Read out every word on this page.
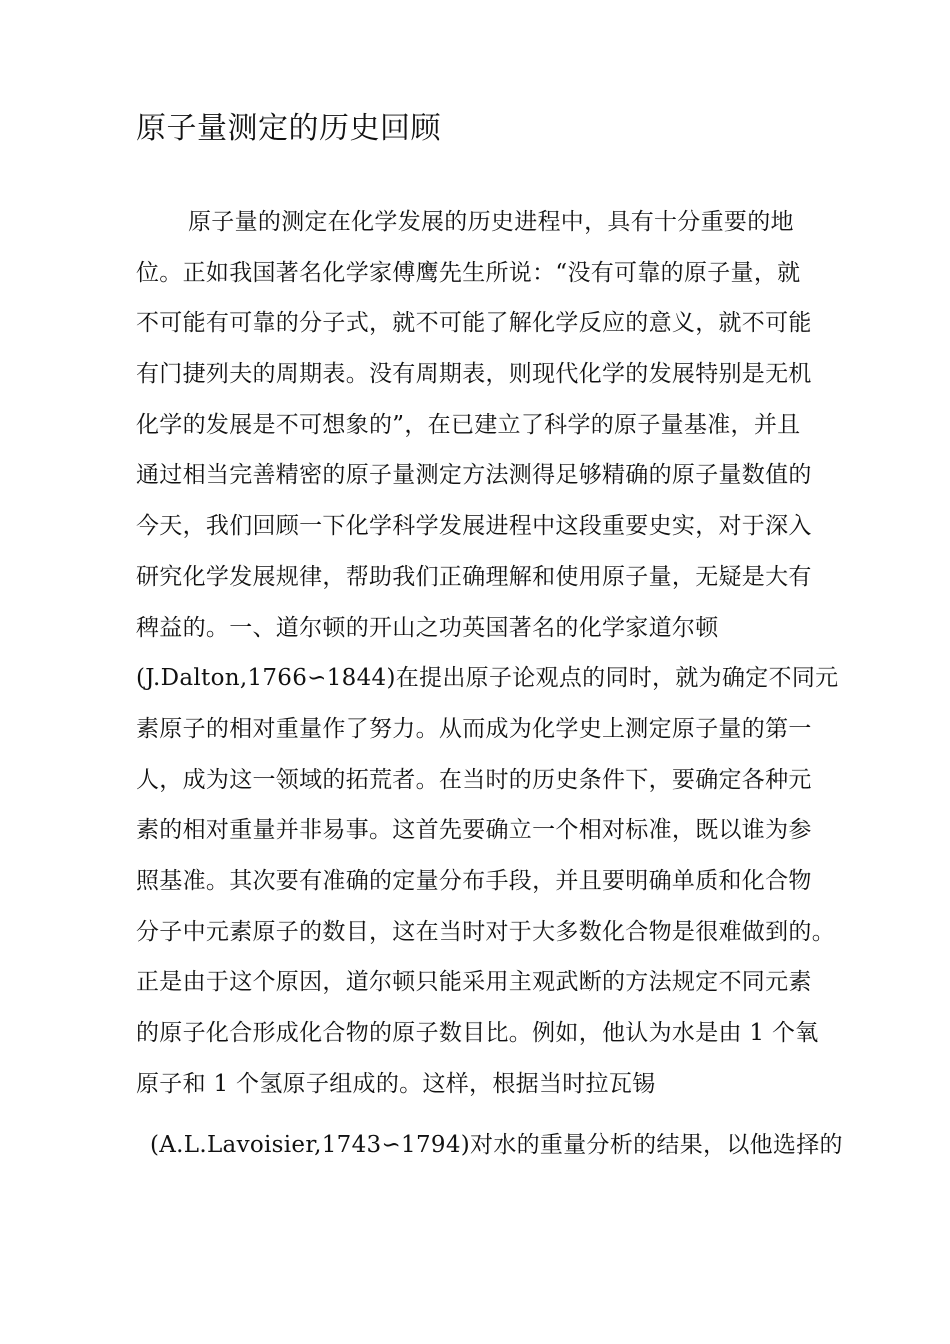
原子量测定的历史回顾
原子量的测定在化学发展的历史进程中，具有十分重要的地
位。正如我国著名化学家傅鹰先生所说：“没有可靠的原子量，就
不可能有可靠的分子式，就不可能了解化学反应的意义，就不可能
有门捷列夫的周期表。没有周期表，则现代化学的发展特别是无机
化学的发展是不可想象的”，在已建立了科学的原子量基准，并且
通过相当完善精密的原子量测定方法测得足够精确的原子量数值的
今天，我们回顾一下化学科学发展进程中这段重要史实，对于深入
研究化学发展规律，帮助我们正确理解和使用原子量，无疑是大有
稗益的。一、道尔顿的开山之功英国著名的化学家道尔顿
(J.Dalton,1766∽1844)在提出原子论观点的同时，就为确定不同元
素原子的相对重量作了努力。从而成为化学史上测定原子量的第一
人，成为这一领域的拓荒者。在当时的历史条件下，要确定各种元
素的相对重量并非易事。这首先要确立一个相对标准，既以谁为参
照基准。其次要有准确的定量分布手段，并且要明确单质和化合物
分子中元素原子的数目，这在当时对于大多数化合物是很难做到的。
正是由于这个原因，道尔顿只能采用主观武断的方法规定不同元素
的原子化合形成化合物的原子数目比。例如，他认为水是由 1 个氧
原子和 1 个氢原子组成的。这样，根据当时拉瓦锡
(A.L.Lavoisier,1743∽1794)对水的重量分析的结果，以他选择的
